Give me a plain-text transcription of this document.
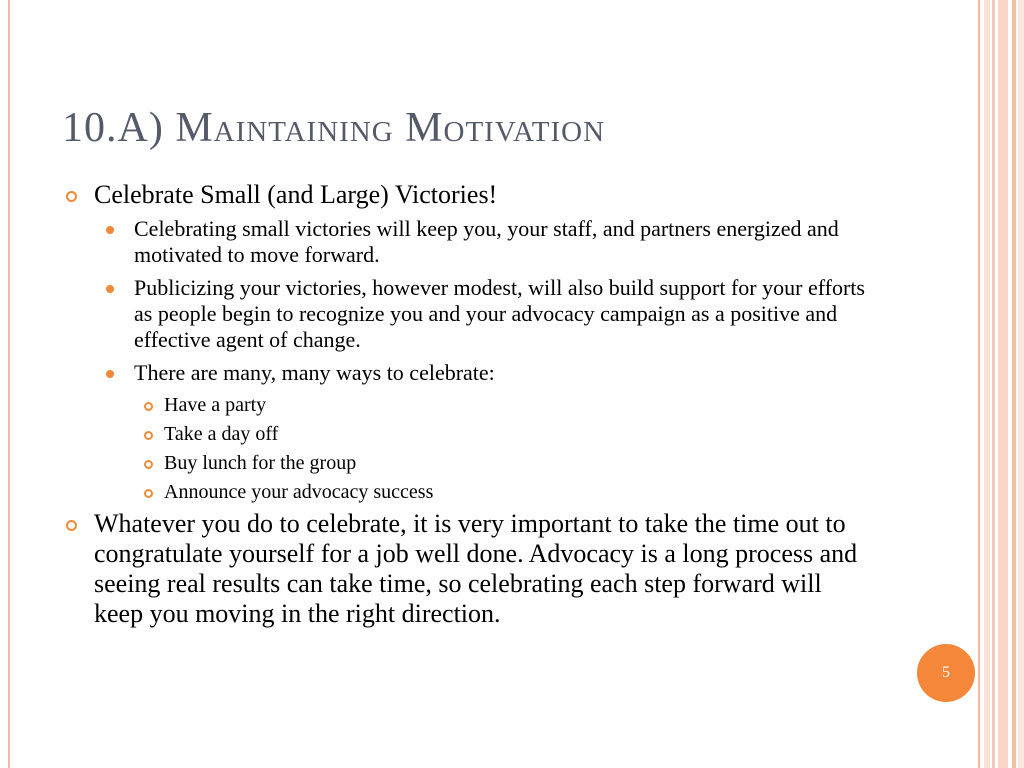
10.A) Maintaining Motivation
Celebrate Small (and Large) Victories!
Celebrating small victories will keep you, your staff, and partners energized and motivated to move forward.
Publicizing your victories, however modest, will also build support for your efforts as people begin to recognize you and your advocacy campaign as a positive and effective agent of change.
There are many, many ways to celebrate:
Have a party
Take a day off
Buy lunch for the group
Announce your advocacy success
Whatever you do to celebrate, it is very important to take the time out to congratulate yourself for a job well done. Advocacy is a long process and seeing real results can take time, so celebrating each step forward will keep you moving in the right direction.
5
